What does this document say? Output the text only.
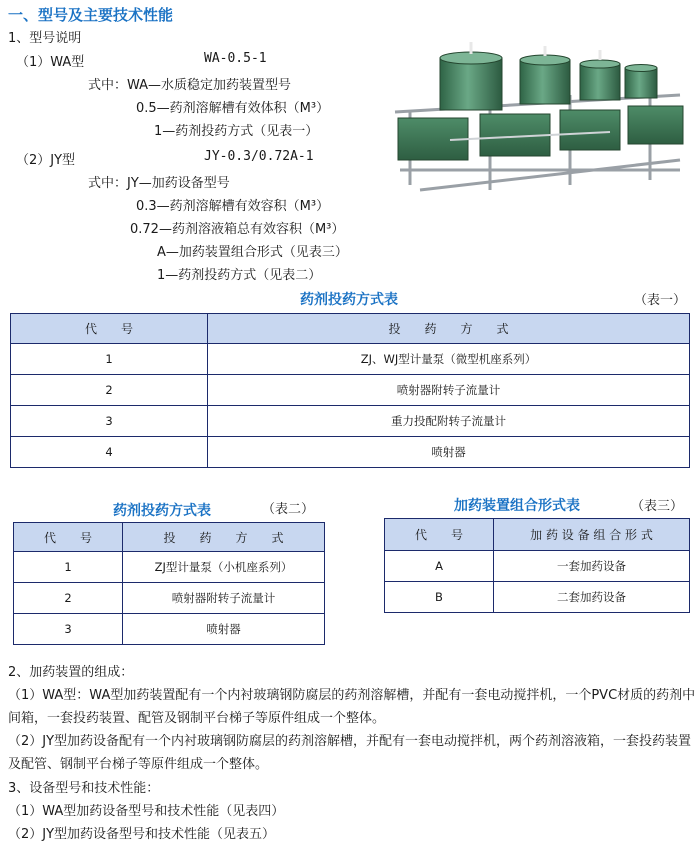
一、型号及主要技术性能
1、型号说明
（1）WA型	WA-0.5-1
式中：WA—水质稳定加药装置型号
0.5—药剂溶解槽有效体积（M³）
1—药剂投药方式（见表一）
（2）JY型	JY-0.3/0.72A-1
式中：JY—加药设备型号
0.3—药剂溶解槽有效容积（M³）
0.72—药剂溶液箱总有效容积（M³）
A—加药装置组合形式（见表三）
1—药剂投药方式（见表二）
药剂投药方式表	（表一）
代　　号	投　　药　　方　　式
1	ZJ、WJ型计量泵（微型机座系列）
2	喷射器附转子流量计
3	重力投配附转子流量计
4	喷射器
药剂投药方式表	（表二）
代　　号	投　　药　　方　　式
1	ZJ型计量泵（小机座系列）
2	喷射器附转子流量计
3	喷射器
加药装置组合形式表	（表三）
代　　号	加 药 设 备 组 合 形 式
A	一套加药设备
B	二套加药设备
2、加药装置的组成：
（1）WA型：WA型加药装置配有一个内衬玻璃钢防腐层的药剂溶解槽，并配有一套电动搅拌机，一个PVC材质的药剂中间箱，一套投药装置、配管及钢制平台梯子等原件组成一个整体。
（2）JY型加药设备配有一个内衬玻璃钢防腐层的药剂溶解槽，并配有一套电动搅拌机，两个药剂溶液箱，一套投药装置及配管、钢制平台梯子等原件组成一个整体。
3、设备型号和技术性能：
（1）WA型加药设备型号和技术性能（见表四）
（2）JY型加药设备型号和技术性能（见表五）
